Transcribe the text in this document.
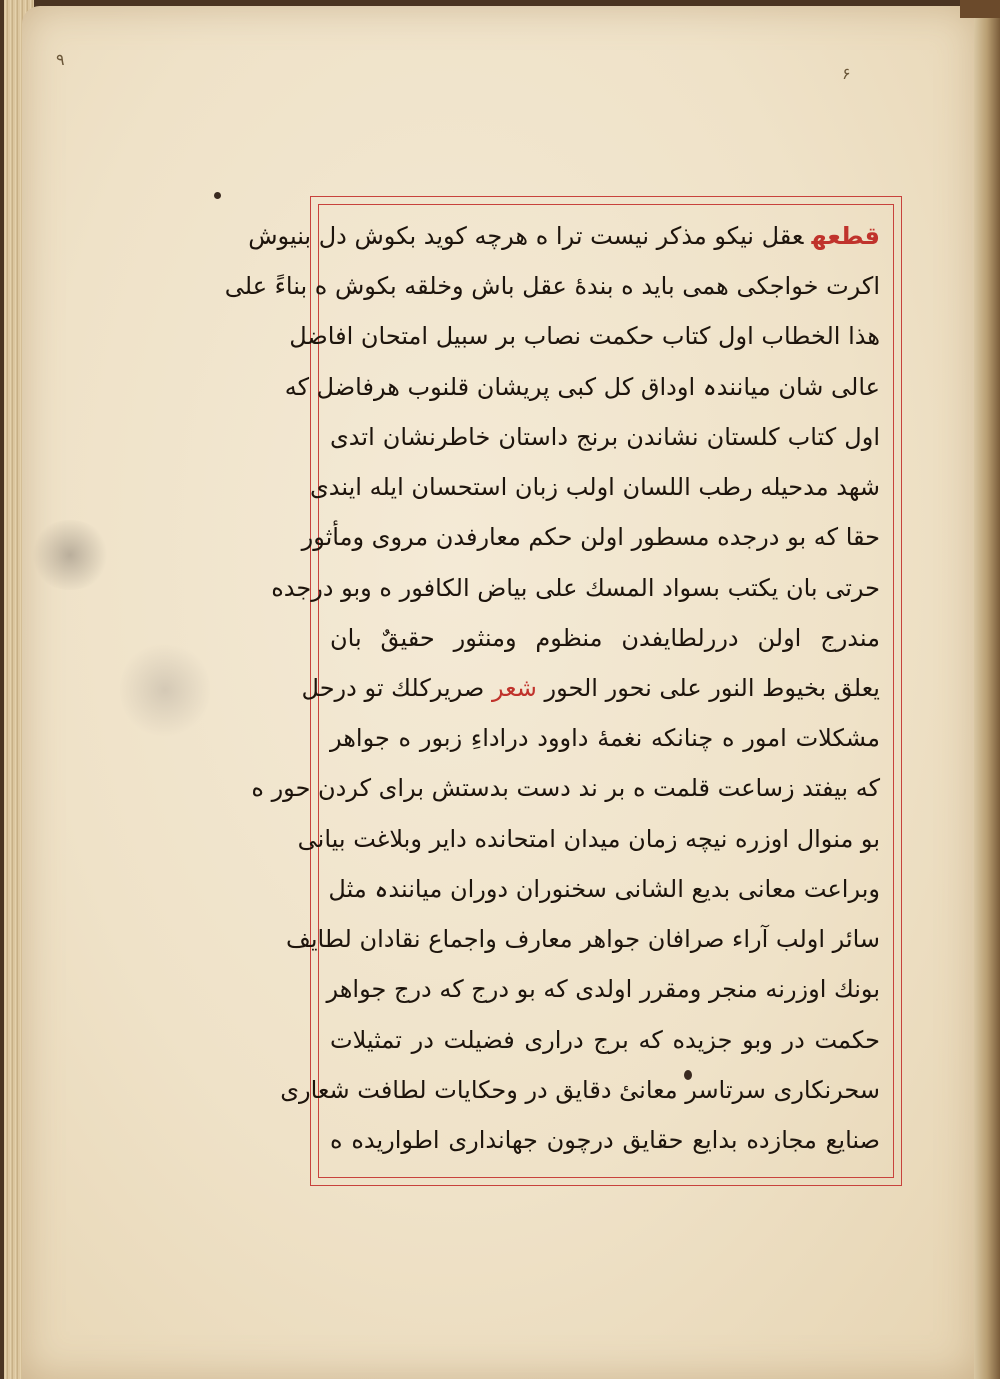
٩
۶
قطعهعقل نیکو مذکر نیست ترا ه هرچه کوید بکوش دل بنیوش
اکرت خواجکی همی باید ه بندهٔ عقل باش وخلقه بکوش ه بناءً علی
هذا الخطاب اول کتاب حکمت نصاب بر سبیل امتحان افاضل
عالی شان میانندہ اوداق کل کبی پریشان قلنوب هرفاضل که
اول کتاب کلستان نشاندن برنج داستان خاطرنشان اتدی
شهد مدحیله رطب اللسان اولب زبان استحسان ایله ایندی
حقا که بو درجده مسطور اولن حکم معارفدن مروی ومأثور
حرتی بان یکتب بسواد المسك علی بیاض الكافور ه وبو درجده
مندرج اولن دررلطایفدن منظوم ومنثور حقیقٌ بان
یعلق بخیوط النور علی نحور الحور شعر صریرکلك تو درحل
مشکلات امور ه چنانکه نغمهٔ داوود دراداءِ زبور ه جواهر
که بیفتد زساعت قلمت ه بر ند دست بدستش برای کردن حور ه
بو منوال اوزره نیچه زمان میدان امتحانده دایر وبلاغت بیانی
وبراعت معانی بدیع الشانی سخنوران دوران میانندہ مثل
سائر اولب آراء صرافان جواهر معارف واجماع نقادان لطایف
بونك اوزرنه منجر ومقرر اولدی که بو درج که درج جواهر
حکمت در وبو جزیده که برج دراری فضیلت در تمثیلات
سحرنکاری سرتاسر معانیٔ دقایق در وحکایات لطافت شعاری
صنایع مجازده بدایع حقایق درچون جهانداری اطواریده ه
